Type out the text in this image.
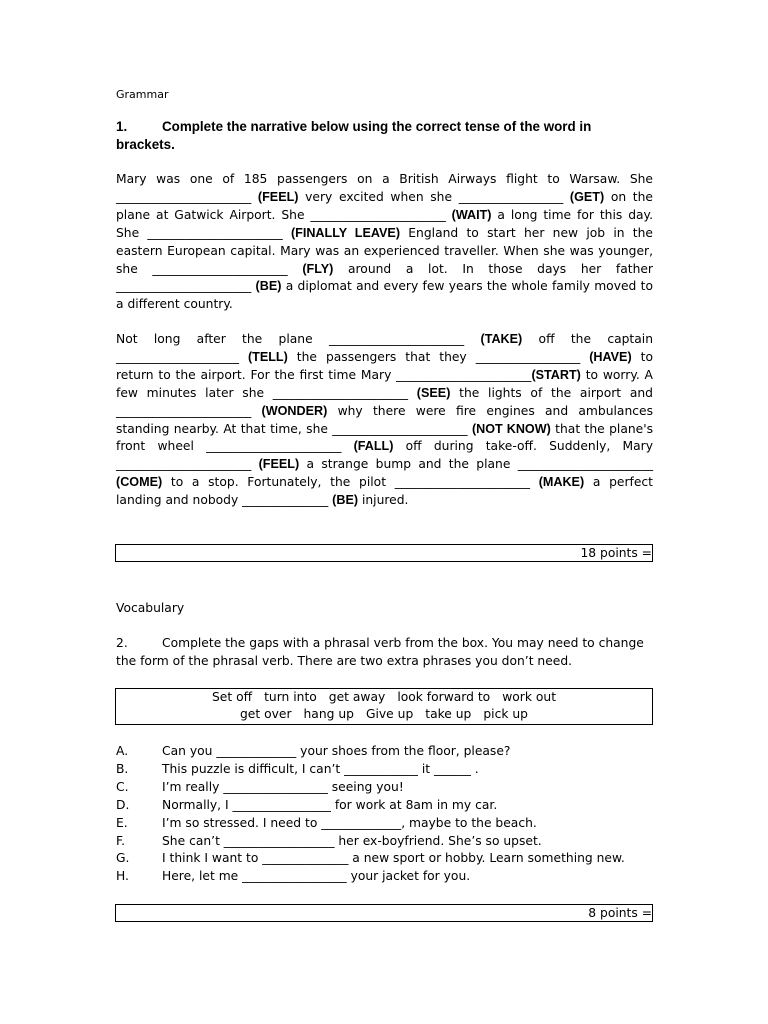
Grammar
1.	Complete the narrative below using the correct tense of the word in brackets.

Mary was one of 185 passengers on a British Airways flight to Warsaw. She ______________________ (FEEL) very excited when she _________________ (GET) on the plane at Gatwick Airport. She ______________________ (WAIT) a long time for this day. She ______________________ (FINALLY LEAVE) England to start her new job in the eastern European capital. Mary was an experienced traveller. When she was younger, she ______________________ (FLY) around a lot. In those days her father ______________________ (BE) a diplomat and every few years the whole family moved to a different country.

Not long after the plane ______________________ (TAKE) off the captain ____________________ (TELL) the passengers that they _________________ (HAVE) to return to the airport. For the first time Mary ______________________(START) to worry. A few minutes later she ______________________ (SEE) the lights of the airport and ______________________ (WONDER) why there were fire engines and ambulances standing nearby. At that time, she ______________________ (NOT KNOW) that the plane's front wheel ______________________ (FALL) off during take-off. Suddenly, Mary ______________________ (FEEL) a strange bump and the plane ______________________ (COME) to a stop. Fortunately, the pilot ______________________ (MAKE) a perfect landing and nobody ______________ (BE) injured.

Vocabulary
2.	Complete the gaps with a phrasal verb from the box. You may need to change the form of the phrasal verb. There are two extra phrases you don’t need.
18 points =
Set off turn into get away look forward to work out
get over hang up Give up take up pick up
A.	Can you _____________ your shoes from the floor, please?
B.	This puzzle is difficult, I can’t ____________ it ______ .
C.	I’m really _________________ seeing you!
D.	Normally, I ________________ for work at 8am in my car.
E.	I’m so stressed. I need to _____________, maybe to the beach.
F.	She can’t __________________ her ex-boyfriend. She’s so upset.
G.	I think I want to ______________ a new sport or hobby. Learn something new.
H.	Here, let me _________________ your jacket for you.
8 points =
